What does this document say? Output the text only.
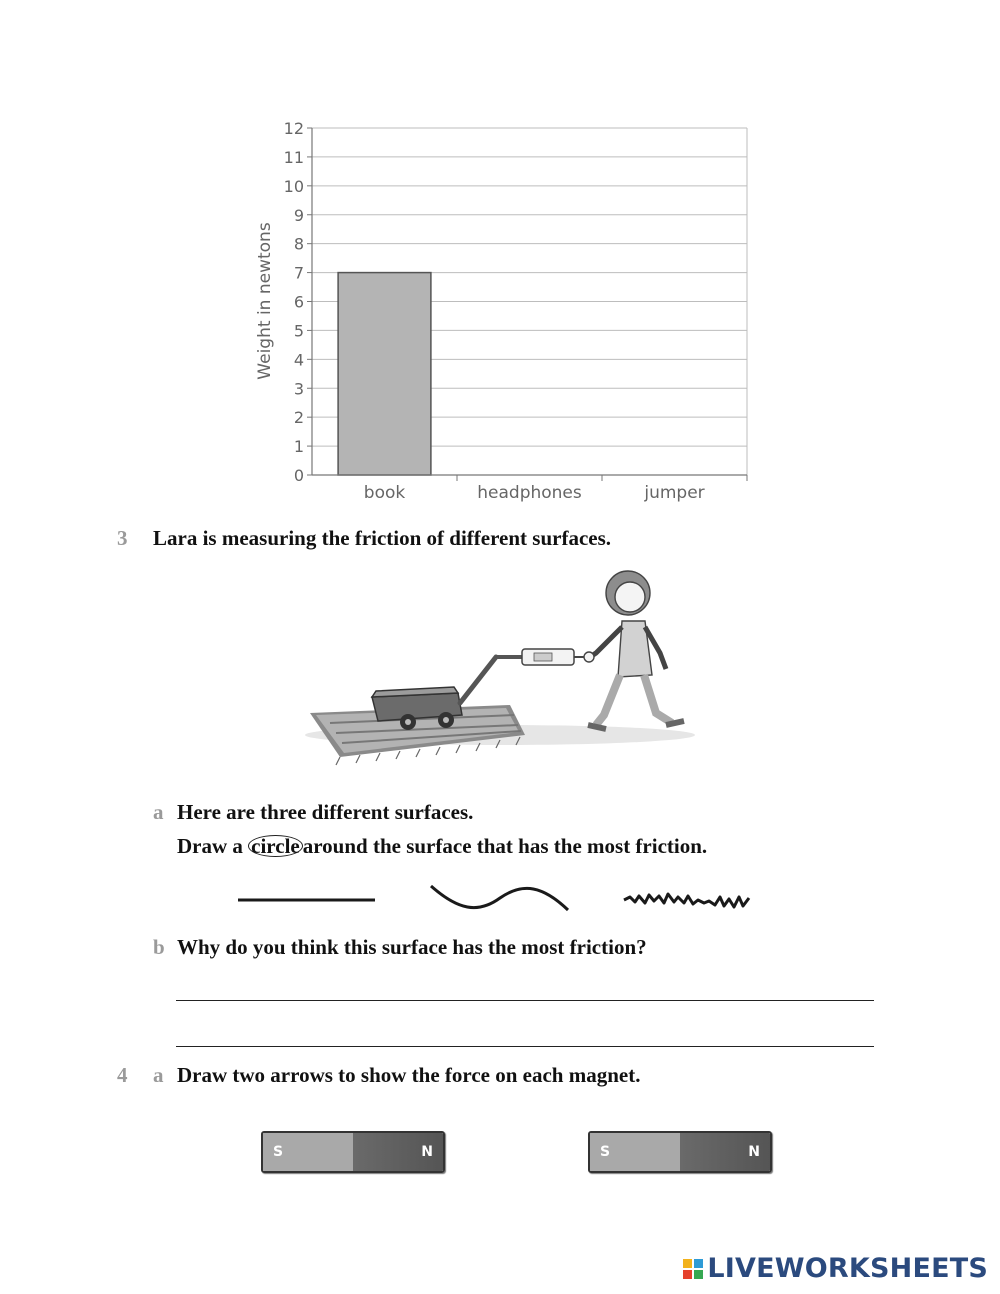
0
1
2
3
4
5
6
7
8
9
10
11
12
book	headphones	jumper
Weight in newtons
3 Lara is measuring the friction of different surfaces.
a Here are three different surfaces.
Draw a circle around the surface that has the most friction.
b Why do you think this surface has the most friction?
4 a Draw two arrows to show the force on each magnet.
S	N	S	N
LIVEWORKSHEETS
